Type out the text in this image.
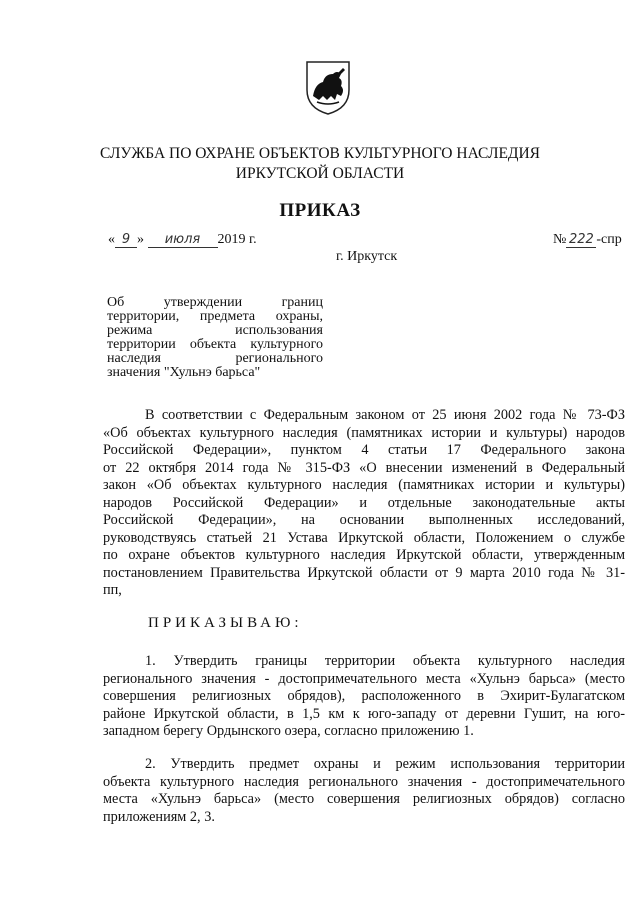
СЛУЖБА ПО ОХРАНЕ ОБЪЕКТОВ КУЛЬТУРНОГО НАСЛЕДИЯ
ИРКУТСКОЙ ОБЛАСТИ
ПРИКАЗ
« 9 » июля 2019 г.	№ 222 -спр
г. Иркутск
Об утверждении границ
территории, предмета охраны,
режима использования
территории объекта культурного
наследия регионального
значения "Хульнэ барьса"
В соответствии с Федеральным законом от 25 июня 2002 года № 73-ФЗ
«Об объектах культурного наследия (памятниках истории и культуры) народов
Российской Федерации», пунктом 4 статьи 17 Федерального закона
от 22 октября 2014 года № 315-ФЗ «О внесении изменений в Федеральный
закон «Об объектах культурного наследия (памятниках истории и культуры)
народов Российской Федерации» и отдельные законодательные акты
Российской Федерации», на основании выполненных исследований,
руководствуясь статьей 21 Устава Иркутской области, Положением о службе
по охране объектов культурного наследия Иркутской области, утвержденным
постановлением Правительства Иркутской области от 9 марта 2010 года № 31-
пп,
ПРИКАЗЫВАЮ:
1. Утвердить границы территории объекта культурного наследия
регионального значения - достопримечательного места «Хульнэ барьса» (место
совершения религиозных обрядов), расположенного в Эхирит-Булагатском
районе Иркутской области, в 1,5 км к юго-западу от деревни Гушит, на юго-
западном берегу Ордынского озера, согласно приложению 1.
2. Утвердить предмет охраны и режим использования территории
объекта культурного наследия регионального значения - достопримечательного
места «Хульнэ барьса» (место совершения религиозных обрядов) согласно
приложениям 2, 3.
